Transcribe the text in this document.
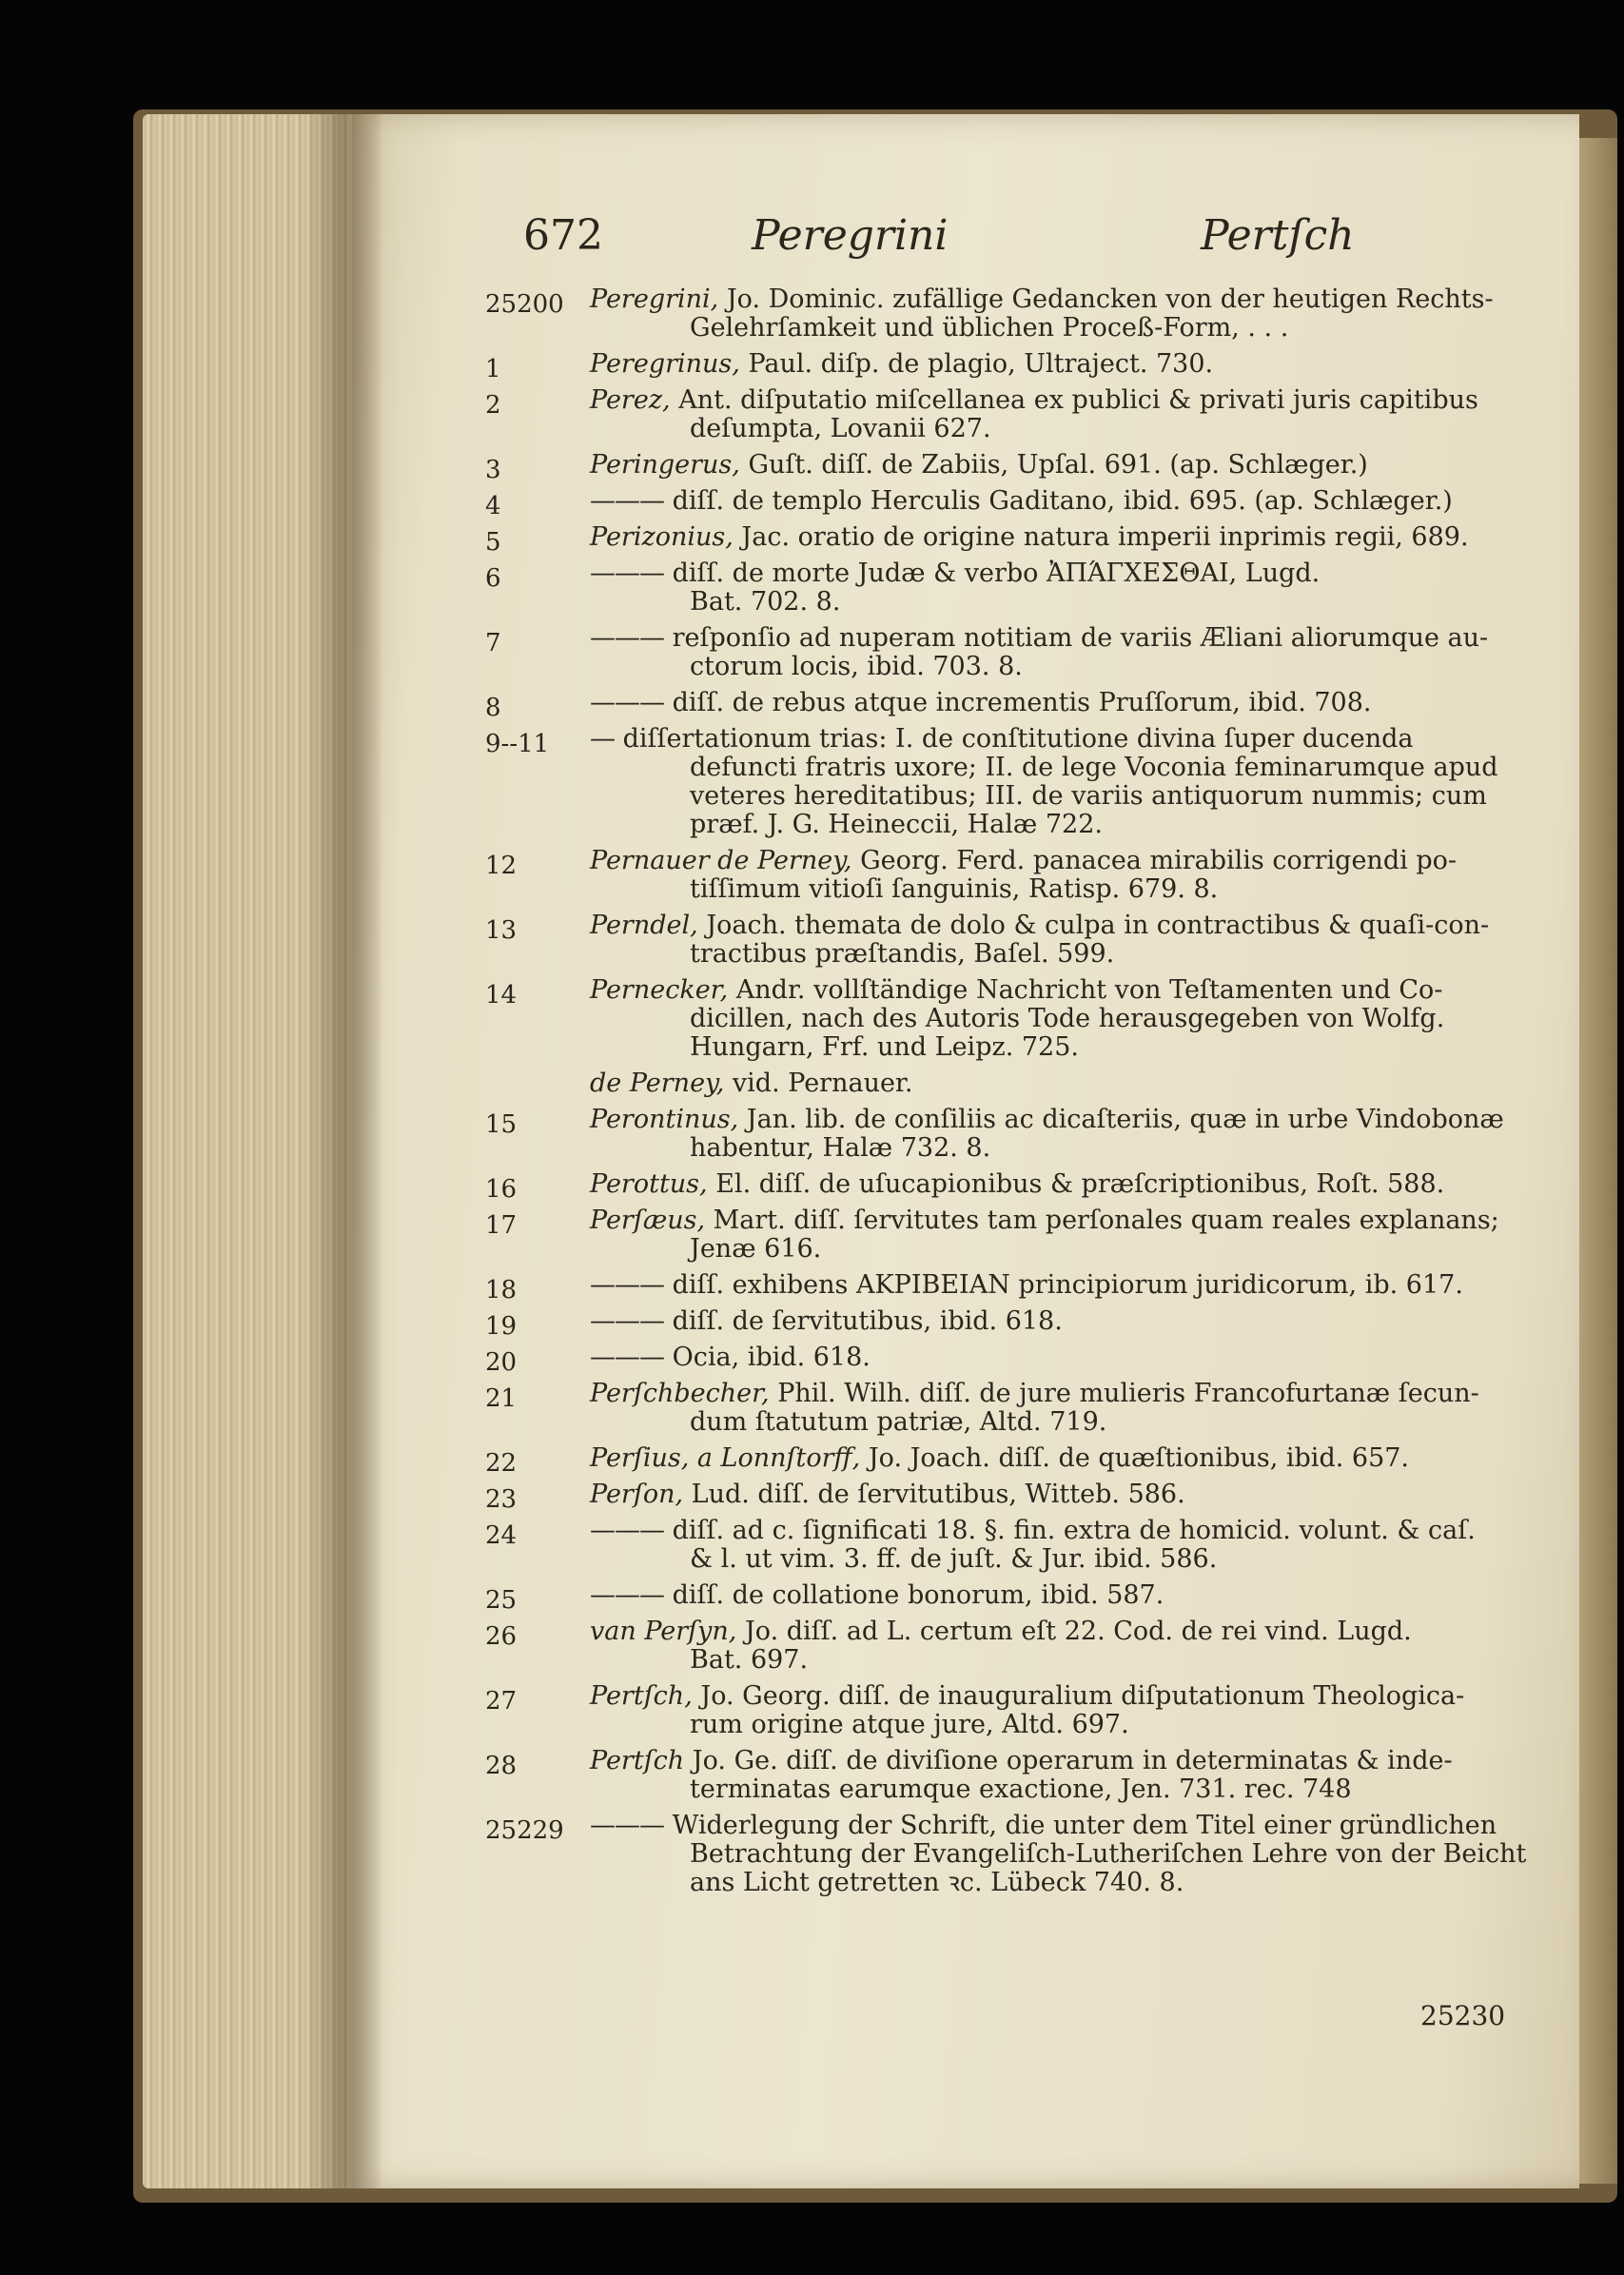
672	Peregrini	Pertſch
25200	Peregrini, Jo. Dominic. zufällige Gedancken von der heutigen Rechts-
Gelehrſamkeit und üblichen Proceß-Form, . . .
1	Peregrinus, Paul. diſp. de plagio, Ultraject. 730.
2	Perez, Ant. diſputatio miſcellanea ex publici & privati juris capitibus
deſumpta, Lovanii 627.
3	Peringerus, Guſt. diſſ. de Zabiis, Upſal. 691. (ap. Schlæger.)
4	——— diſſ. de templo Herculis Gaditano, ibid. 695. (ap. Schlæger.)
5	Perizonius, Jac. oratio de origine natura imperii inprimis regii, 689.
6	——— diſſ. de morte Judæ & verbo ἈΠΆΓΧΕΣΘΑΙ, Lugd.
Bat. 702. 8.
7	——— reſponſio ad nuperam notitiam de variis Æliani aliorumque au-
ctorum locis, ibid. 703. 8.
8	——— diſſ. de rebus atque incrementis Pruſſorum, ibid. 708.
9--11	— diſſertationum trias: I. de conſtitutione divina ſuper ducenda
defuncti fratris uxore; II. de lege Voconia feminarumque apud
veteres hereditatibus; III. de variis antiquorum nummis; cum
præf. J. G. Heineccii, Halæ 722.
12	Pernauer de Perney, Georg. Ferd. panacea mirabilis corrigendi po-
tiſſimum vitioſi ſanguinis, Ratisp. 679. 8.
13	Perndel, Joach. themata de dolo & culpa in contractibus & quaſi-con-
tractibus præſtandis, Baſel. 599.
14	Pernecker, Andr. vollſtändige Nachricht von Teſtamenten und Co-
dicillen, nach des Autoris Tode herausgegeben von Wolfg.
Hungarn, Frf. und Leipz. 725.
de Perney, vid. Pernauer.
15	Perontinus, Jan. lib. de conſiliis ac dicaſteriis, quæ in urbe Vindobonæ
habentur, Halæ 732. 8.
16	Perottus, El. diſſ. de uſucapionibus & præſcriptionibus, Roſt. 588.
17	Perſæus, Mart. diſſ. ſervitutes tam perſonales quam reales explanans;
Jenæ 616.
18	——— diſſ. exhibens ΑΚΡΙΒΕΙΑΝ principiorum juridicorum, ib. 617.
19	——— diſſ. de ſervitutibus, ibid. 618.
20	——— Ocia, ibid. 618.
21	Perſchbecher, Phil. Wilh. diſſ. de jure mulieris Francofurtanæ ſecun-
dum ſtatutum patriæ, Altd. 719.
22	Perſius, a Lonnſtorff, Jo. Joach. diſſ. de quæſtionibus, ibid. 657.
23	Perſon, Lud. diſſ. de ſervitutibus, Witteb. 586.
24	——— diſſ. ad c. ſignificati 18. §. fin. extra de homicid. volunt. & caſ.
& l. ut vim. 3. ff. de juſt. & Jur. ibid. 586.
25	——— diſſ. de collatione bonorum, ibid. 587.
26	van Perſyn, Jo. diſſ. ad L. certum eſt 22. Cod. de rei vind. Lugd.
Bat. 697.
27	Pertſch, Jo. Georg. diſſ. de inauguralium diſputationum Theologica-
rum origine atque jure, Altd. 697.
28	Pertſch Jo. Ge. diſſ. de diviſione operarum in determinatas & inde-
terminatas earumque exactione, Jen. 731. rec. 748
25229	——— Widerlegung der Schrift, die unter dem Titel einer gründlichen
Betrachtung der Evangeliſch-Lutheriſchen Lehre von der Beicht
ans Licht getretten ꝛc. Lübeck 740. 8.
25230
